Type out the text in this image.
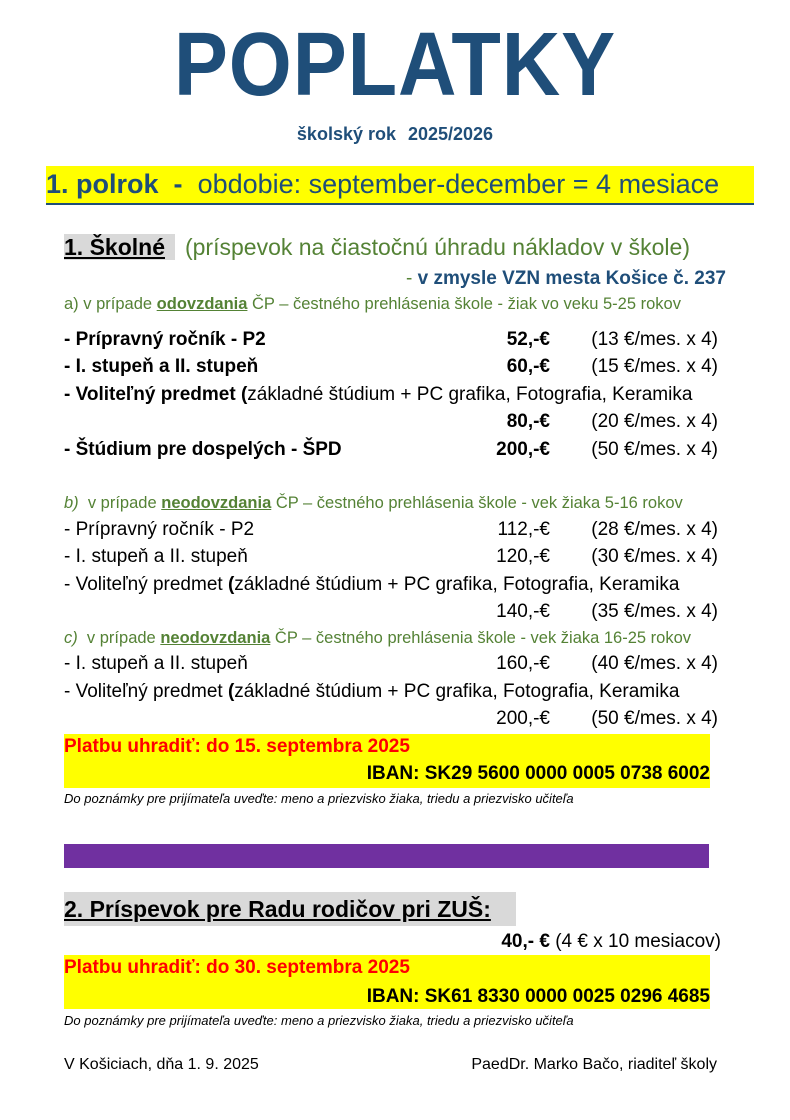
POPLATKY
školský rok 2025/2026
1. polrok - obdobie: september-december = 4 mesiace
1. Školné (príspevok na čiastočnú úhradu nákladov v škole)
- v zmysle VZN mesta Košice č. 237
a) v prípade odovzdania ČP – čestného prehlásenia škole - žiak vo veku 5-25 rokov
- Prípravný ročník - P2	52,-€ (13 €/mes. x 4)
- I. stupeň a II. stupeň	60,-€ (15 €/mes. x 4)
- Voliteľný predmet (základné štúdium + PC grafika, Fotografia, Keramika
80,-€ (20 €/mes. x 4)
- Štúdium pre dospelých - ŠPD	200,-€ (50 €/mes. x 4)
b) v prípade neodovzdania ČP – čestného prehlásenia škole - vek žiaka 5-16 rokov
- Prípravný ročník - P2	112,-€ (28 €/mes. x 4)
- I. stupeň a II. stupeň	120,-€ (30 €/mes. x 4)
- Voliteľný predmet (základné štúdium + PC grafika, Fotografia, Keramika
140,-€ (35 €/mes. x 4)
c) v prípade neodovzdania ČP – čestného prehlásenia škole - vek žiaka 16-25 rokov
- I. stupeň a II. stupeň	160,-€ (40 €/mes. x 4)
- Voliteľný predmet (základné štúdium + PC grafika, Fotografia, Keramika
200,-€ (50 €/mes. x 4)
Platbu uhradiť: do 15. septembra 2025
IBAN: SK29 5600 0000 0005 0738 6002
Do poznámky pre prijímateľa uveďte: meno a priezvisko žiaka, triedu a priezvisko učiteľa
2. Príspevok pre Radu rodičov pri ZUŠ:
40,- € (4 € x 10 mesiacov)
Platbu uhradiť: do 30. septembra 2025
IBAN: SK61 8330 0000 0025 0296 4685
Do poznámky pre prijímateľa uveďte: meno a priezvisko žiaka, triedu a priezvisko učiteľa
V Košiciach, dňa 1. 9. 2025	PaedDr. Marko Bačo, riaditeľ školy
